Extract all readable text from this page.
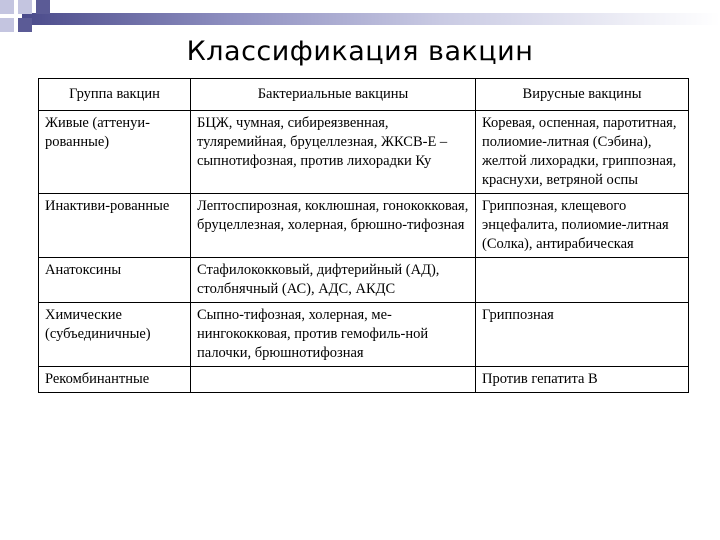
Классификация вакцин
Группа вакцин	Бактериальные вакцины	Вирусные вакцины
Живые (аттенуи-рованные)	БЦЖ, чумная, сибиреязвенная, туляремийная, бруцеллезная, ЖКСВ-Е – сыпнотифозная, против лихорадки Ку	Коревая, оспенная, паротитная, полиомие-литная (Сэбина), желтой лихорадки, гриппозная, краснухи, ветряной оспы
Инактиви-рованные	Лептоспирозная, коклюшная, гонококковая, бруцеллезная, холерная, брюшно-тифозная	Гриппозная, клещевого энцефалита, полиомие-литная (Солка), антирабическая
Анатоксины	Стафилококковый, дифтерийный (АД), столбнячный (АС), АДС, АКДС	
Химические (субъединичные)	Сыпно-тифозная, холерная, ме-нингококковая, против гемофиль-ной палочки, брюшнотифозная	Гриппозная
Рекомбинантные		Против гепатита В
